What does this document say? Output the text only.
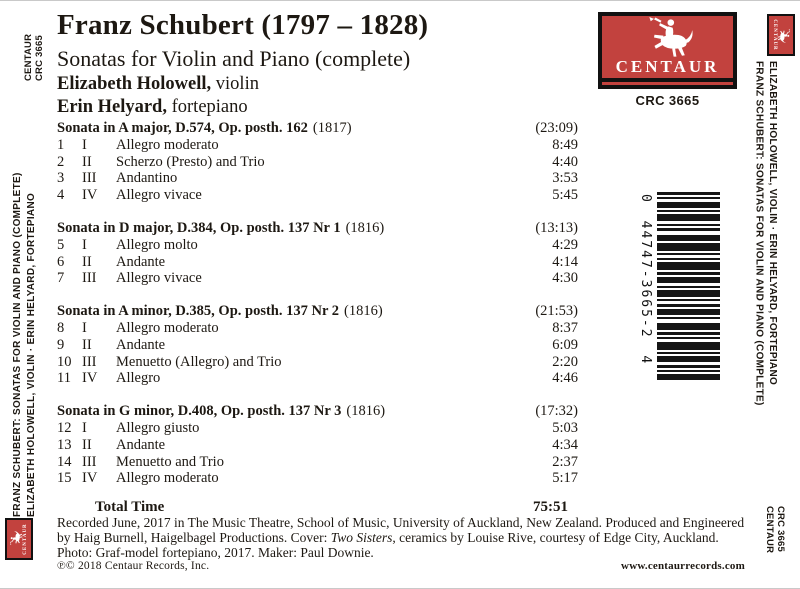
CENTAUR CRC 3665
FRANZ SCHUBERT: SONATAS FOR VIOLIN AND PIANO (COMPLETE) ELIZABETH HOLOWELL, VIOLIN · ERIN HELYARD, FORTEPIANO
CENTAUR
Franz Schubert (1797 – 1828)
Sonatas for Violin and Piano (complete)
Elizabeth Holowell, violin
Erin Helyard, fortepiano
CENTAUR
CRC 3665
CENTAUR
FRANZ SCHUBERT: SONATAS FOR VIOLIN AND PIANO (COMPLETE) ELIZABETH HOLOWELL, VIOLIN · ERIN HELYARD, FORTEPIANO
CENTAUR CRC 3665
0 44747-3665-2 4
Sonata in A major, D.574, Op. posth. 162 (1817)	(23:09)
1	I	Allegro moderato	8:49
2	II	Scherzo (Presto) and Trio	4:40
3	III	Andantino	3:53
4	IV	Allegro vivace	5:45
Sonata in D major, D.384, Op. posth. 137 Nr 1 (1816)	(13:13)
5	I	Allegro molto	4:29
6	II	Andante	4:14
7	III	Allegro vivace	4:30
Sonata in A minor, D.385, Op. posth. 137 Nr 2 (1816)	(21:53)
8	I	Allegro moderato	8:37
9	II	Andante	6:09
10 III	Menuetto (Allegro) and Trio	2:20
11 IV	Allegro	4:46
Sonata in G minor, D.408, Op. posth. 137 Nr 3 (1816)	(17:32)
12 I	Allegro giusto	5:03
13 II	Andante	4:34
14 III	Menuetto and Trio	2:37
15 IV	Allegro moderato	5:17
Total Time	75:51
Recorded June, 2017 in The Music Theatre, School of Music, University of Auckland, New Zealand. Produced and Engineered by Haig Burnell, Haigelbagel Productions. Cover: Two Sisters, ceramics by Louise Rive, courtesy of Edge City, Auckland. Photo: Graf-model fortepiano, 2017. Maker: Paul Downie.
℗© 2018 Centaur Records, Inc.	www.centaurrecords.com
